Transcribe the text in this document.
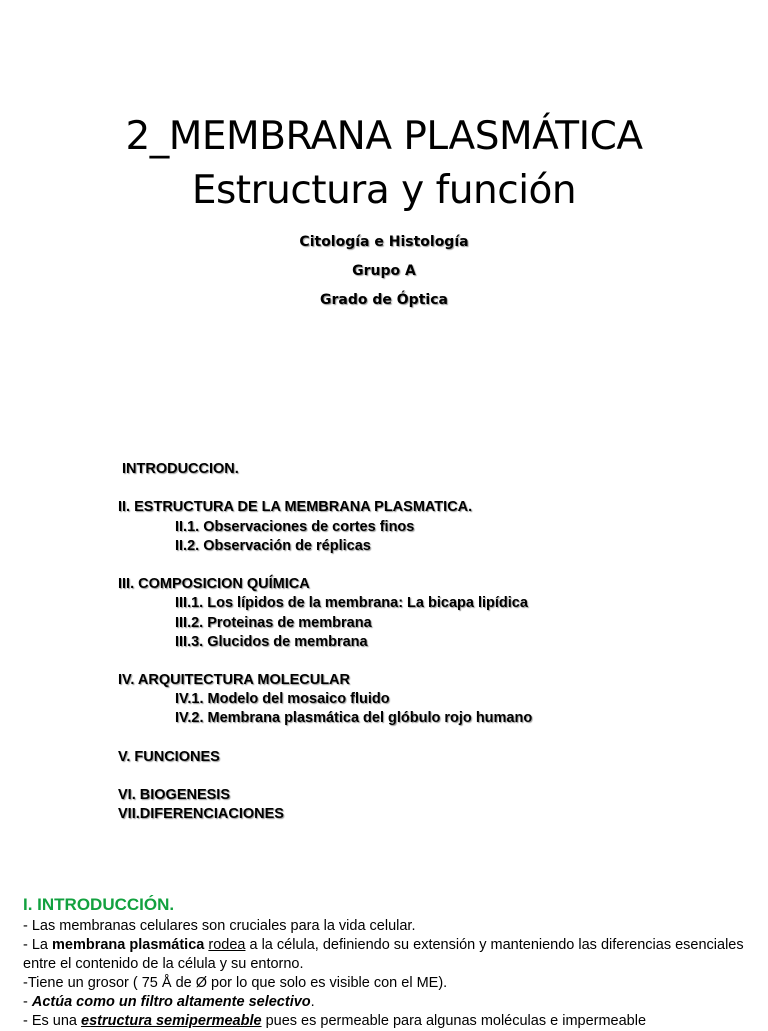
2_MEMBRANA PLASMÁTICA
Estructura y función
Citología e Histología
Grupo A
Grado de Óptica
INTRODUCCION.
II. ESTRUCTURA DE LA MEMBRANA PLASMATICA.
II.1. Observaciones de cortes finos
II.2. Observación de réplicas
III. COMPOSICION QUÍMICA
III.1. Los lípidos de la membrana: La bicapa lipídica
III.2. Proteinas de membrana
III.3. Glucidos de membrana
IV. ARQUITECTURA MOLECULAR
IV.1. Modelo del mosaico fluido
IV.2. Membrana plasmática del glóbulo rojo humano
V. FUNCIONES
VI. BIOGENESIS
VII.DIFERENCIACIONES
I. INTRODUCCIÓN.

- Las membranas celulares son cruciales para la vida celular.

- La membrana plasmática rodea a la célula, definiendo su extensión y manteniendo las diferencias esenciales entre el contenido de la célula y su entorno.

-Tiene un grosor ( 75 Å de Ø por lo que solo es visible con el ME).

- Actúa como un filtro altamente selectivo.

- Es una estructura semipermeable pues es permeable para algunas moléculas e impermeable
